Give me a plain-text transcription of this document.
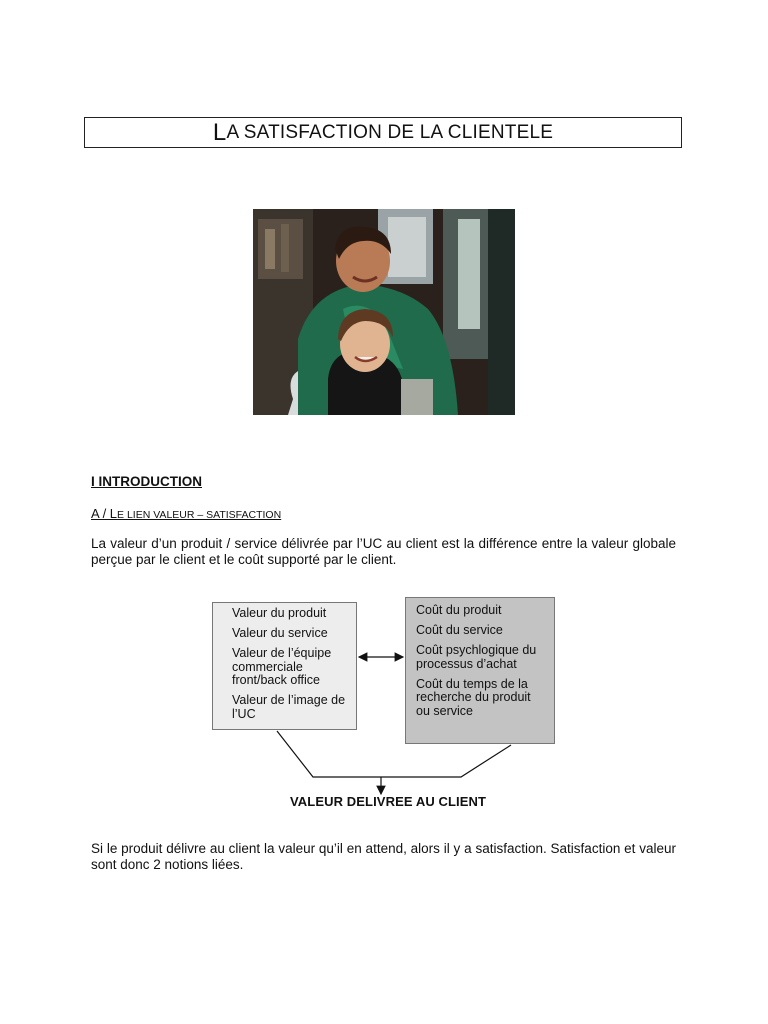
L A SATISFACTION DE LA CLIENTELE
I INTRODUCTION
A / LE LIEN VALEUR – SATISFACTION
La valeur d’un produit / service délivrée par l’UC au client est la différence entre la valeur globale perçue par le client et le coût supporté par le client.
Valeur du produit
Valeur du service
Valeur de l’équipe commerciale front/back office
Valeur de l’image de l’UC
Coût du produit
Coût du service
Coût psychlogique du processus d’achat
Coût du temps de la recherche du produit ou service
VALEUR DELIVREE AU CLIENT
Si le produit délivre au client la valeur qu’il en attend, alors il y a satisfaction. Satisfaction et valeur sont donc 2 notions liées.
